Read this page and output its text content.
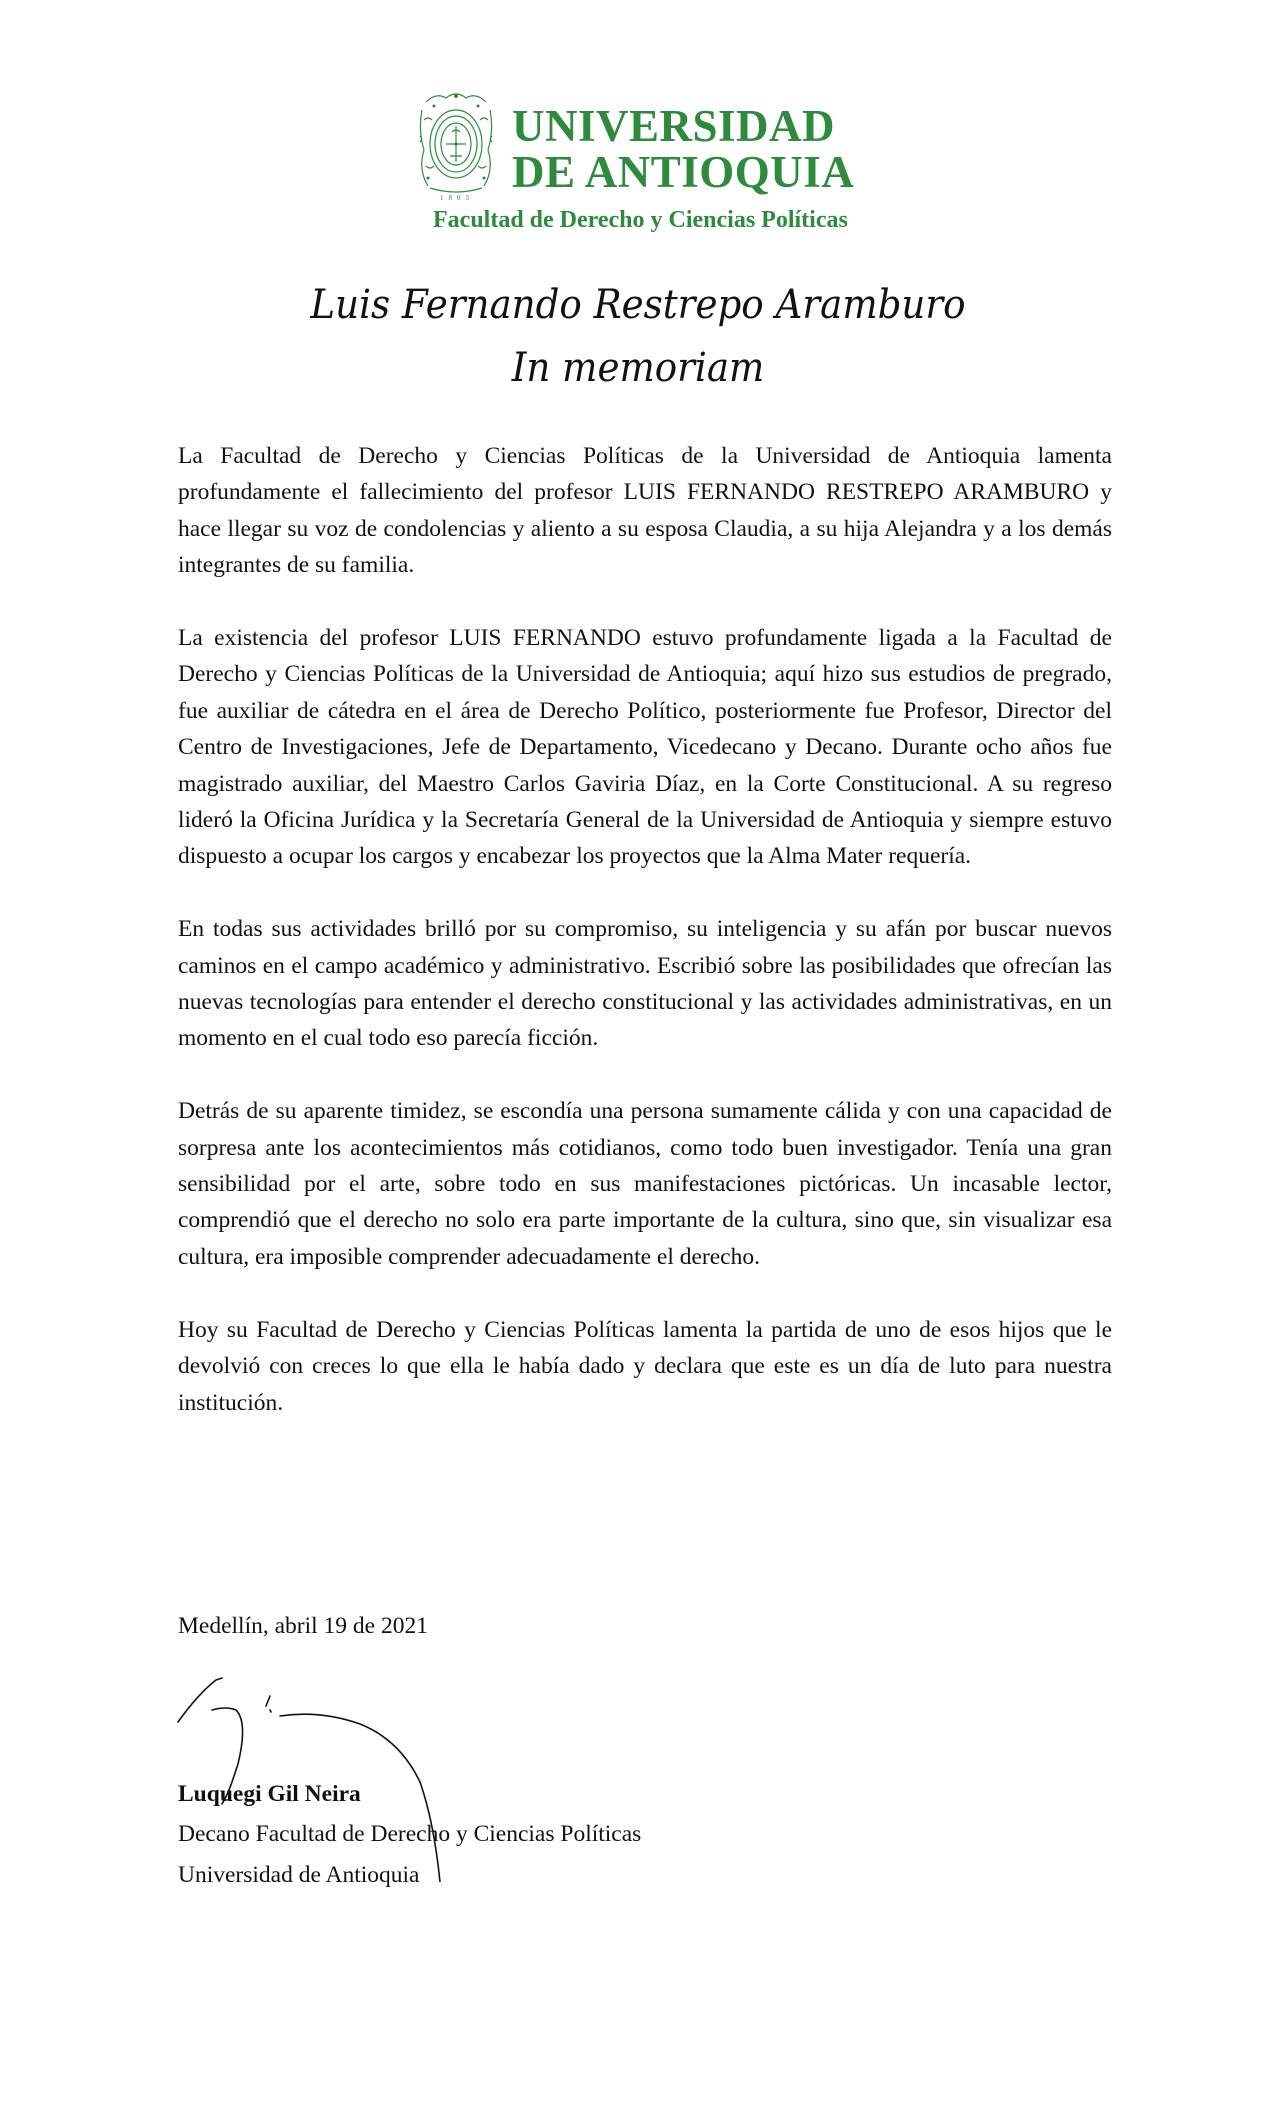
1803
UNIVERSIDAD
DE ANTIOQUIA
Facultad de Derecho y Ciencias Políticas
Luis Fernando Restrepo Aramburo
In memoriam

La Facultad de Derecho y Ciencias Políticas de la Universidad de Antioquia lamenta profundamente el fallecimiento del profesor LUIS FERNANDO RESTREPO ARAMBURO y hace llegar su voz de condolencias y aliento a su esposa Claudia, a su hija Alejandra y a los demás integrantes de su familia.

La existencia del profesor LUIS FERNANDO estuvo profundamente ligada a la Facultad de Derecho y Ciencias Políticas de la Universidad de Antioquia; aquí hizo sus estudios de pregrado, fue auxiliar de cátedra en el área de Derecho Político, posteriormente fue Profesor, Director del Centro de Investigaciones, Jefe de Departamento, Vicedecano y Decano. Durante ocho años fue magistrado auxiliar, del Maestro Carlos Gaviria Díaz, en la Corte Constitucional. A su regreso lideró la Oficina Jurídica y la Secretaría General de la Universidad de Antioquia y siempre estuvo dispuesto a ocupar los cargos y encabezar los proyectos que la Alma Mater requería.

En todas sus actividades brilló por su compromiso, su inteligencia y su afán por buscar nuevos caminos en el campo académico y administrativo. Escribió sobre las posibilidades que ofrecían las nuevas tecnologías para entender el derecho constitucional y las actividades administrativas, en un momento en el cual todo eso parecía ficción.

Detrás de su aparente timidez, se escondía una persona sumamente cálida y con una capacidad de sorpresa ante los acontecimientos más cotidianos, como todo buen investigador. Tenía una gran sensibilidad por el arte, sobre todo en sus manifestaciones pictóricas. Un incasable lector, comprendió que el derecho no solo era parte importante de la cultura, sino que, sin visualizar esa cultura, era imposible comprender adecuadamente el derecho.

Hoy su Facultad de Derecho y Ciencias Políticas lamenta la partida de uno de esos hijos que le devolvió con creces lo que ella le había dado y declara que este es un día de luto para nuestra institución.

Medellín, abril 19 de 2021
Luquegi Gil Neira
Decano Facultad de Derecho y Ciencias Políticas
Universidad de Antioquia
